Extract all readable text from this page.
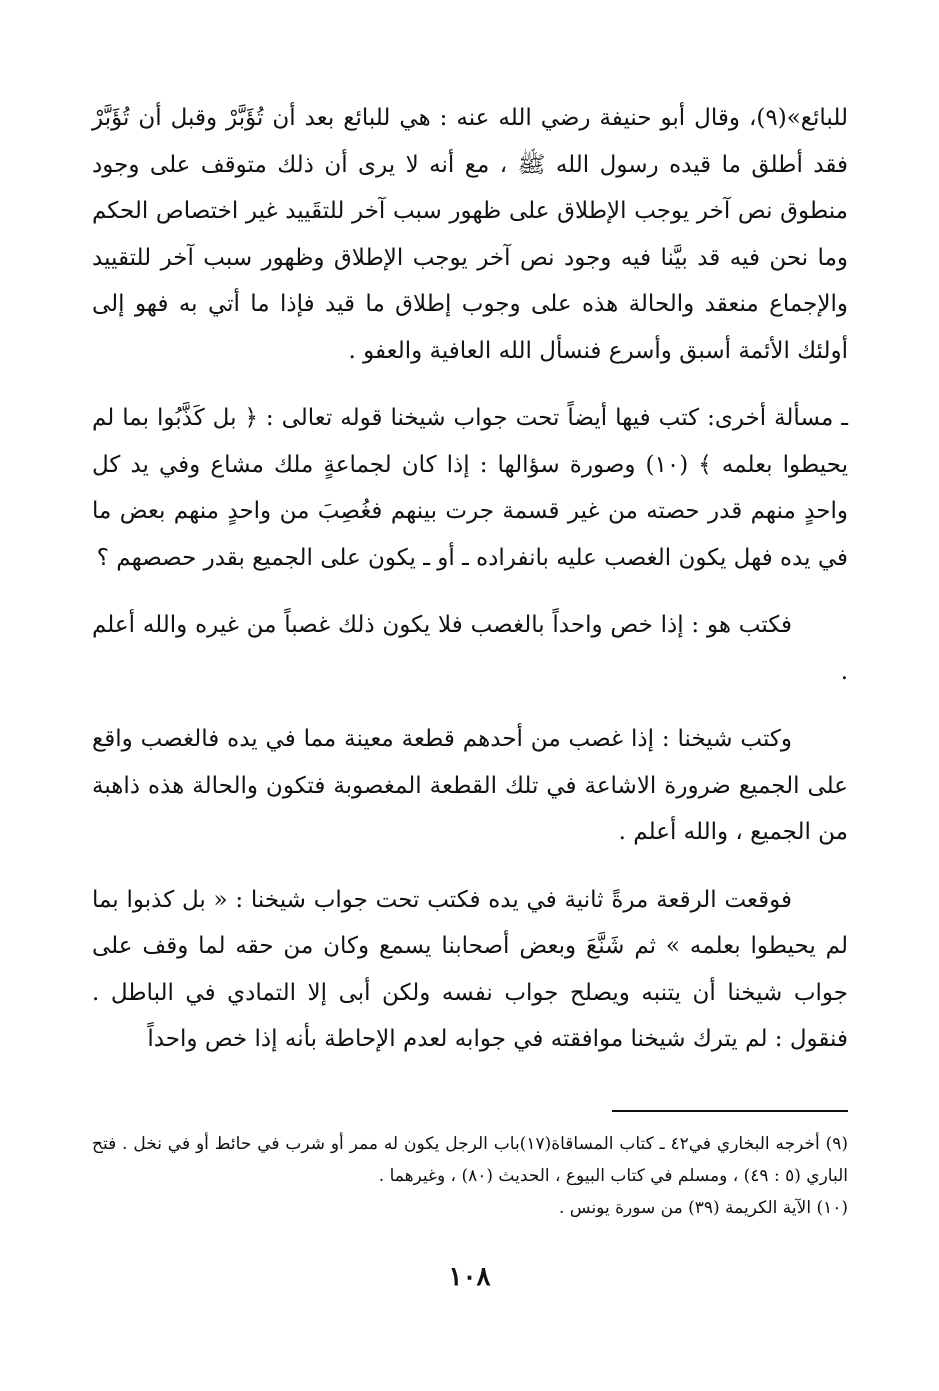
للبائع»(٩)، وقال أبو حنيفة رضي الله عنه : هي للبائع بعد أن تُؤَبَّرْ وقبل أن تُؤَبَّرْ فقد أطلق ما قيده رسول الله ﷺ ، مع أنه لا يرى أن ذلك متوقف على وجود منطوق نص آخر يوجب الإطلاق على ظهور سبب آخر للتقَييد غير اختصاص الحكم وما نحن فيه قد بيَّنا فيه وجود نص آخر يوجب الإطلاق وظهور سبب آخر للتقييد والإجماع منعقد والحالة هذه على وجوب إطلاق ما قيد فإذا ما أتي به فهو إلى أولئك الأئمة أسبق وأسرع فنسأل الله العافية والعفو .

ـ مسألة أخرى: كتب فيها أيضاً تحت جواب شيخنا قوله تعالى : ﴿ بل كَذَّبُوا بما لم يحيطوا بعلمه ﴾ (١٠) وصورة سؤالها : إذا كان لجماعةٍ ملك مشاع وفي يد كل واحدٍ منهم قدر حصته من غير قسمة جرت بينهم فغُصِبَ من واحدٍ منهم بعض ما في يده فهل يكون الغصب عليه بانفراده ـ أو ـ يكون على الجميع بقدر حصصهم ؟

فكتب هو : إذا خص واحداً بالغصب فلا يكون ذلك غصباً من غيره والله أعلم .

وكتب شيخنا : إذا غصب من أحدهم قطعة معينة مما في يده فالغصب واقع على الجميع ضرورة الاشاعة في تلك القطعة المغصوبة فتكون والحالة هذه ذاهبة من الجميع ، والله أعلم .

فوقعت الرقعة مرةً ثانية في يده فكتب تحت جواب شيخنا : « بل كذبوا بما لم يحيطوا بعلمه » ثم شَنَّعَ وبعض أصحابنا يسمع وكان من حقه لما وقف على جواب شيخنا أن يتنبه ويصلح جواب نفسه ولكن أبى إلا التمادي في الباطل . فنقول : لم يترك شيخنا موافقته في جوابه لعدم الإحاطة بأنه إذا خص واحداً

(٩) أخرجه البخاري في٤٢ ـ كتاب المساقاة(١٧)باب الرجل يكون له ممر أو شرب في حائط أو في نخل . فتح الباري (٥ : ٤٩) ، ومسلم في كتاب البيوع ، الحديث (٨٠) ، وغيرهما .

(١٠) الآية الكريمة (٣٩) من سورة يونس .

١٠٨
